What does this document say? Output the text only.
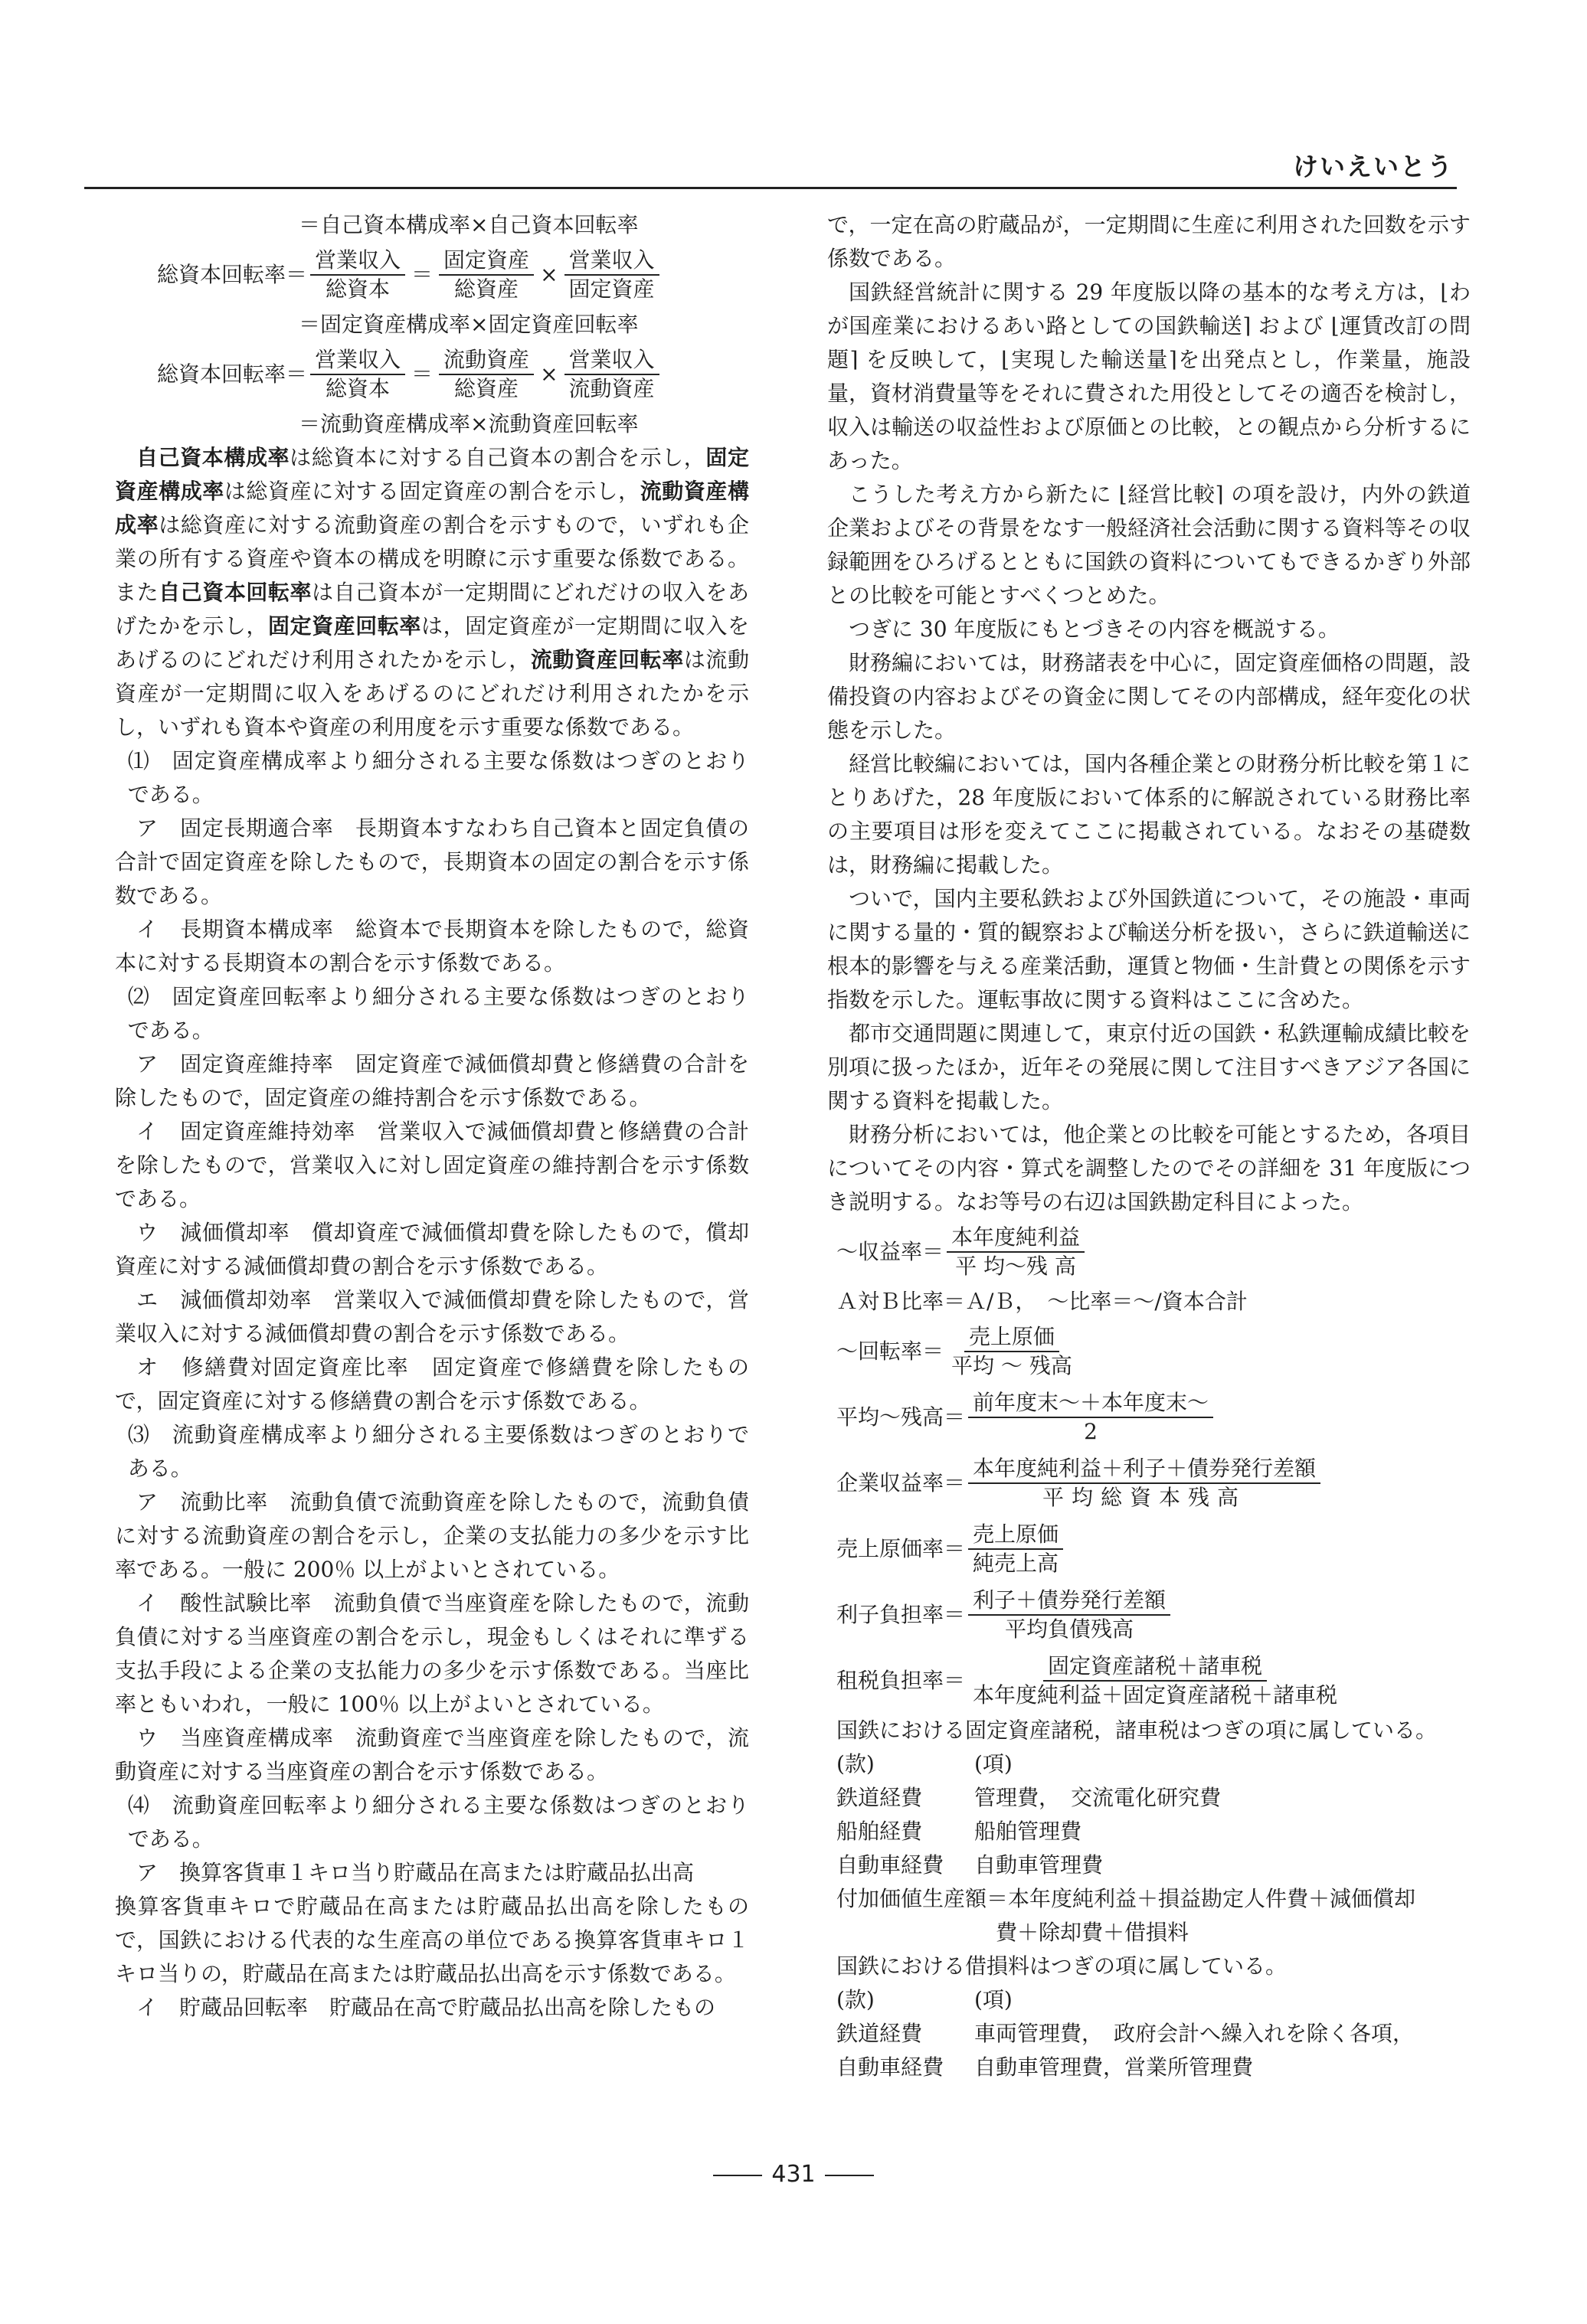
けいえいとう
＝自己資本構成率×自己資本回転率
総資本回転率＝ $\frac{\text{営業収入}}{\text{総資本}} = \frac{\text{固定資産}}{\text{総資産}} \times \frac{\text{営業収入}}{\text{固定資産}}$
＝固定資産構成率×固定資産回転率
総資本回転率＝ $\frac{\text{営業収入}}{\text{総資本}} = \frac{\text{流動資産}}{\text{総資産}} \times \frac{\text{営業収入}}{\text{流動資産}}$
＝流動資産構成率×流動資産回転率

自己資本構成率は総資本に対する自己資本の割合を示し，固定資産構成率は総資産に対する固定資産の割合を示し，流動資産構成率は総資産に対する流動資産の割合を示すもので，いずれも企業の所有する資産や資本の構成を明瞭に示す重要な係数である。また自己資本回転率は自己資本が一定期間にどれだけの収入をあげたかを示し，固定資産回転率は，固定資産が一定期間に収入をあげるのにどれだけ利用されたかを示し，流動資産回転率は流動資産が一定期間に収入をあげるのにどれだけ利用されたかを示し，いずれも資本や資産の利用度を示す重要な係数である。

⑴　固定資産構成率より細分される主要な係数はつぎのとおりである。

ア　固定長期適合率　長期資本すなわち自己資本と固定負債の合計で固定資産を除したもので，長期資本の固定の割合を示す係数である。

イ　長期資本構成率　総資本で長期資本を除したもので，総資本に対する長期資本の割合を示す係数である。

⑵　固定資産回転率より細分される主要な係数はつぎのとおりである。

ア　固定資産維持率　固定資産で減価償却費と修繕費の合計を除したもので，固定資産の維持割合を示す係数である。

イ　固定資産維持効率　営業収入で減価償却費と修繕費の合計を除したもので，営業収入に対し固定資産の維持割合を示す係数である。

ウ　減価償却率　償却資産で減価償却費を除したもので，償却資産に対する減価償却費の割合を示す係数である。

エ　減価償却効率　営業収入で減価償却費を除したもので，営業収入に対する減価償却費の割合を示す係数である。

オ　修繕費対固定資産比率　固定資産で修繕費を除したもので，固定資産に対する修繕費の割合を示す係数である。

⑶　流動資産構成率より細分される主要係数はつぎのとおりである。

ア　流動比率　流動負債で流動資産を除したもので，流動負債に対する流動資産の割合を示し，企業の支払能力の多少を示す比率である。一般に 200％ 以上がよいとされている。

イ　酸性試験比率　流動負債で当座資産を除したもので，流動負債に対する当座資産の割合を示し，現金もしくはそれに準ずる支払手段による企業の支払能力の多少を示す係数である。当座比率ともいわれ，一般に 100％ 以上がよいとされている。

ウ　当座資産構成率　流動資産で当座資産を除したもので，流動資産に対する当座資産の割合を示す係数である。

⑷　流動資産回転率より細分される主要な係数はつぎのとおりである。

ア　換算客貨車１キロ当り貯蔵品在高または貯蔵品払出高

換算客貨車キロで貯蔵品在高または貯蔵品払出高を除したもので，国鉄における代表的な生産高の単位である換算客貨車キロ１キロ当りの，貯蔵品在高または貯蔵品払出高を示す係数である。

イ　貯蔵品回転率　貯蔵品在高で貯蔵品払出高を除したもの

で，一定在高の貯蔵品が，一定期間に生産に利用された回数を示す係数である。

国鉄経営統計に関する 29 年度版以降の基本的な考え方は，⌊わが国産業におけるあい路としての国鉄輸送⌉ および ⌊運賃改訂の問題⌉ を反映して，⌊実現した輸送量⌉を出発点とし，作業量，施設量，資材消費量等をそれに費された用役としてその適否を検討し，収入は輸送の収益性および原価との比較，との観点から分析するにあった。

こうした考え方から新たに ⌊経営比較⌉ の項を設け，内外の鉄道企業およびその背景をなす一般経済社会活動に関する資料等その収録範囲をひろげるとともに国鉄の資料についてもできるかぎり外部との比較を可能とすべくつとめた。

つぎに 30 年度版にもとづきその内容を概説する。

財務編においては，財務諸表を中心に，固定資産価格の問題，設備投資の内容およびその資金に関してその内部構成，経年変化の状態を示した。

経営比較編においては，国内各種企業との財務分析比較を第１にとりあげた，28 年度版において体系的に解説されている財務比率の主要項目は形を変えてここに掲載されている。なおその基礎数は，財務編に掲載した。

ついで，国内主要私鉄および外国鉄道について，その施設・車両に関する量的・質的観察および輸送分析を扱い，さらに鉄道輸送に根本的影響を与える産業活動，運賃と物価・生計費との関係を示す指数を示した。運転事故に関する資料はここに含めた。

都市交通問題に関連して，東京付近の国鉄・私鉄運輸成績比較を別項に扱ったほか，近年その発展に関して注目すべきアジア各国に関する資料を掲載した。

財務分析においては，他企業との比較を可能とするため，各項目についてその内容・算式を調整したのでその詳細を 31 年度版につき説明する。なお等号の右辺は国鉄勘定科目によった。

～収益率＝ $\frac{\text{本年度純利益}}{\text{平 均～残 高}}$
Ａ対Ｂ比率＝Ａ/Ｂ，　～比率＝～/資本合計
～回転率＝ $\frac{\text{売上原価}}{\text{平均 ～ 残高}}$
平均～残高＝ $\frac{\text{前年度末～＋本年度末～}}{2}$
企業収益率＝ $\frac{\text{本年度純利益＋利子＋債券発行差額}}{\text{平均総資本残高}}$
売上原価率＝ $\frac{\text{売上原価}}{\text{純売上高}}$
利子負担率＝ $\frac{\text{利子＋債券発行差額}}{\text{平均負債残高}}$
租税負担率＝ $\frac{\text{固定資産諸税＋諸車税}}{\text{本年度純利益＋固定資産諸税＋諸車税}}$

国鉄における固定資産諸税，諸車税はつぎの項に属している。

(款)	(項)
鉄道経費	管理費，　交流電化研究費
船舶経費	船舶管理費
自動車経費	自動車管理費

付加価値生産額＝本年度純利益＋損益勘定人件費＋減価償却

費＋除却費＋借損料

国鉄における借損料はつぎの項に属している。

(款)	(項)
鉄道経費	車両管理費，　政府会計へ繰入れを除く各項，
自動車経費	自動車管理費，営業所管理費
431
